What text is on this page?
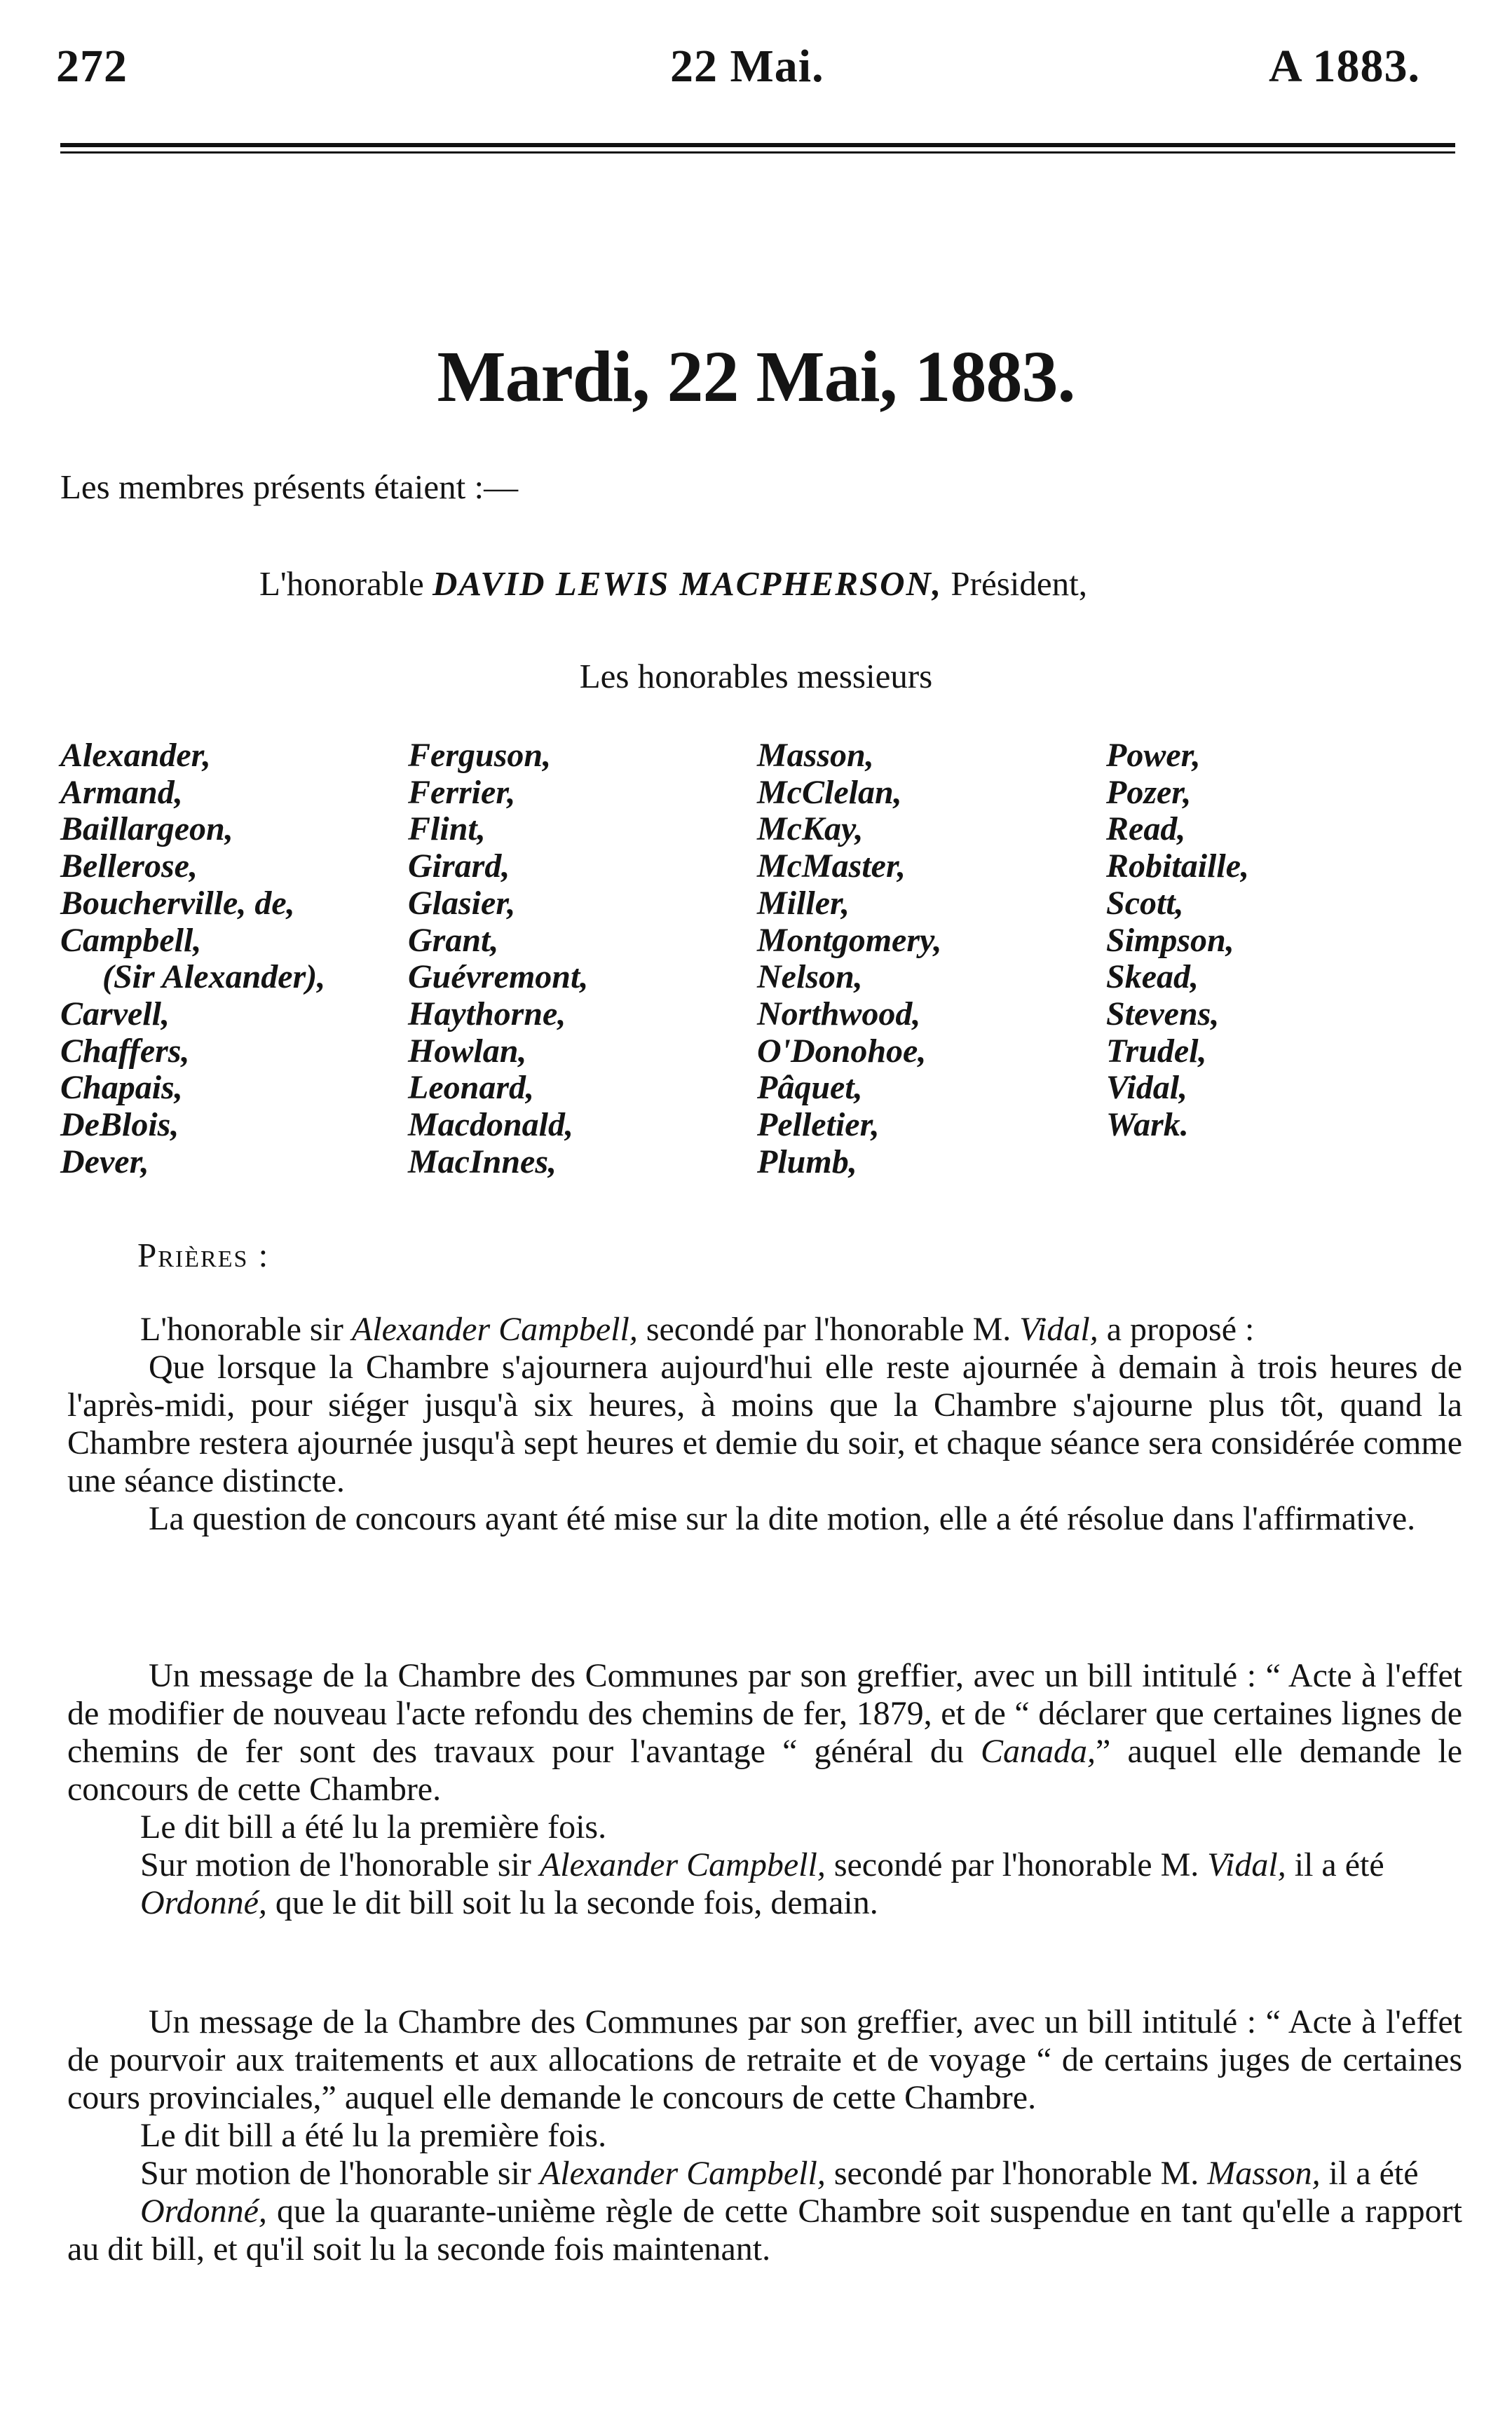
272	22 Mai.	A 1883.
Mardi, 22 Mai, 1883.
Les membres présents étaient :—
L'honorable DAVID LEWIS MACPHERSON, Président,
Les honorables messieurs
Alexander,
Armand,
Baillargeon,
Bellerose,
Boucherville, de,
Campbell,
(Sir Alexander),
Carvell,
Chaffers,
Chapais,
DeBlois,
Dever,
Ferguson,
Ferrier,
Flint,
Girard,
Glasier,
Grant,
Guévremont,
Haythorne,
Howlan,
Leonard,
Macdonald,
MacInnes,
Masson,
McClelan,
McKay,
McMaster,
Miller,
Montgomery,
Nelson,
Northwood,
O'Donohoe,
Pâquet,
Pelletier,
Plumb,
Power,
Pozer,
Read,
Robitaille,
Scott,
Simpson,
Skead,
Stevens,
Trudel,
Vidal,
Wark.
Prières :

L'honorable sir Alexander Campbell, secondé par l'honorable M. Vidal, a proposé :

Que lorsque la Chambre s'ajournera aujourd'hui elle reste ajournée à demain à trois heures de l'après-midi, pour siéger jusqu'à six heures, à moins que la Chambre s'ajourne plus tôt, quand la Chambre restera ajournée jusqu'à sept heures et demie du soir, et chaque séance sera considérée comme une séance distincte.

La question de concours ayant été mise sur la dite motion, elle a été résolue dans l'affirmative.

Un message de la Chambre des Communes par son greffier, avec un bill intitulé : “ Acte à l'effet de modifier de nouveau l'acte refondu des chemins de fer, 1879, et de “ déclarer que certaines lignes de chemins de fer sont des travaux pour l'avantage “ général du Canada,” auquel elle demande le concours de cette Chambre.

Le dit bill a été lu la première fois.

Sur motion de l'honorable sir Alexander Campbell, secondé par l'honorable M. Vidal, il a été

Ordonné, que le dit bill soit lu la seconde fois, demain.

Un message de la Chambre des Communes par son greffier, avec un bill intitulé : “ Acte à l'effet de pourvoir aux traitements et aux allocations de retraite et de voyage “ de certains juges de certaines cours provinciales,” auquel elle demande le concours de cette Chambre.

Le dit bill a été lu la première fois.

Sur motion de l'honorable sir Alexander Campbell, secondé par l'honorable M. Masson, il a été

Ordonné, que la quarante-unième règle de cette Chambre soit suspendue en tant qu'elle a rapport au dit bill, et qu'il soit lu la seconde fois maintenant.
